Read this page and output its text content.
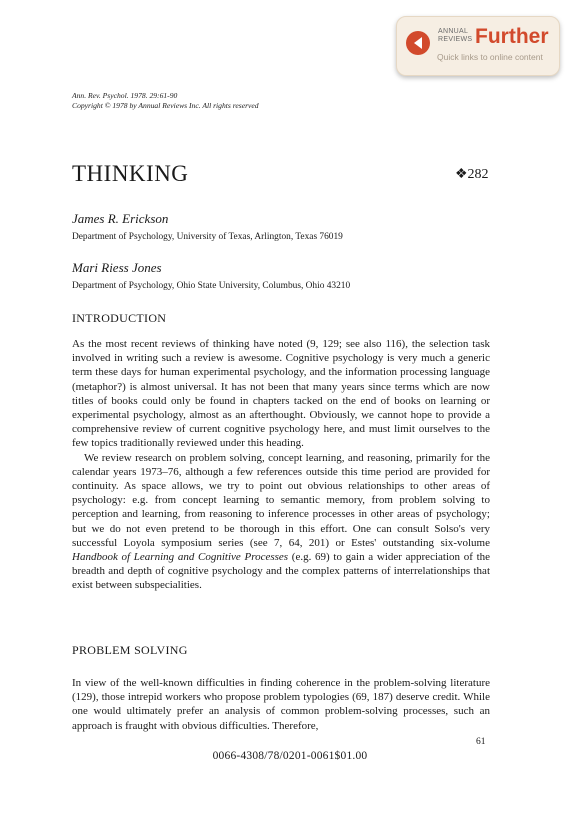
ANNUAL
REVIEWS Further
Quick links to online content
Ann. Rev. Psychol. 1978. 29:61-90
Copyright © 1978 by Annual Reviews Inc. All rights reserved
THINKING	❖282
James R. Erickson
Department of Psychology, University of Texas, Arlington, Texas 76019
Mari Riess Jones
Department of Psychology, Ohio State University, Columbus, Ohio 43210
INTRODUCTION

As the most recent reviews of thinking have noted (9, 129; see also 116), the selection task involved in writing such a review is awesome. Cognitive psychology is very much a generic term these days for human experimental psychology, and the information processing language (metaphor?) is almost universal. It has not been that many years since terms which are now titles of books could only be found in chapters tacked on the end of books on learning or experimental psychology, almost as an afterthought. Obviously, we cannot hope to provide a comprehensive review of current cognitive psychology here, and must limit ourselves to the few topics traditionally reviewed under this heading.

We review research on problem solving, concept learning, and reasoning, primarily for the calendar years 1973–76, although a few references outside this time period are provided for continuity. As space allows, we try to point out obvious relationships to other areas of psychology: e.g. from concept learning to semantic memory, from problem solving to perception and learning, from reasoning to inference processes in other areas of psychology; but we do not even pretend to be thorough in this effort. One can consult Solso's very successful Loyola symposium series (see 7, 64, 201) or Estes' outstanding six-volume Handbook of Learning and Cognitive Processes (e.g. 69) to gain a wider appreciation of the breadth and depth of cognitive psychology and the complex patterns of interrelationships that exist between subspecialities.

PROBLEM SOLVING

In view of the well-known difficulties in finding coherence in the problem-solving literature (129), those intrepid workers who propose problem typologies (69, 187) deserve credit. While one would ultimately prefer an analysis of common problem-solving processes, such an approach is fraught with obvious difficulties. Therefore,

61
0066-4308/78/0201-0061$01.00
